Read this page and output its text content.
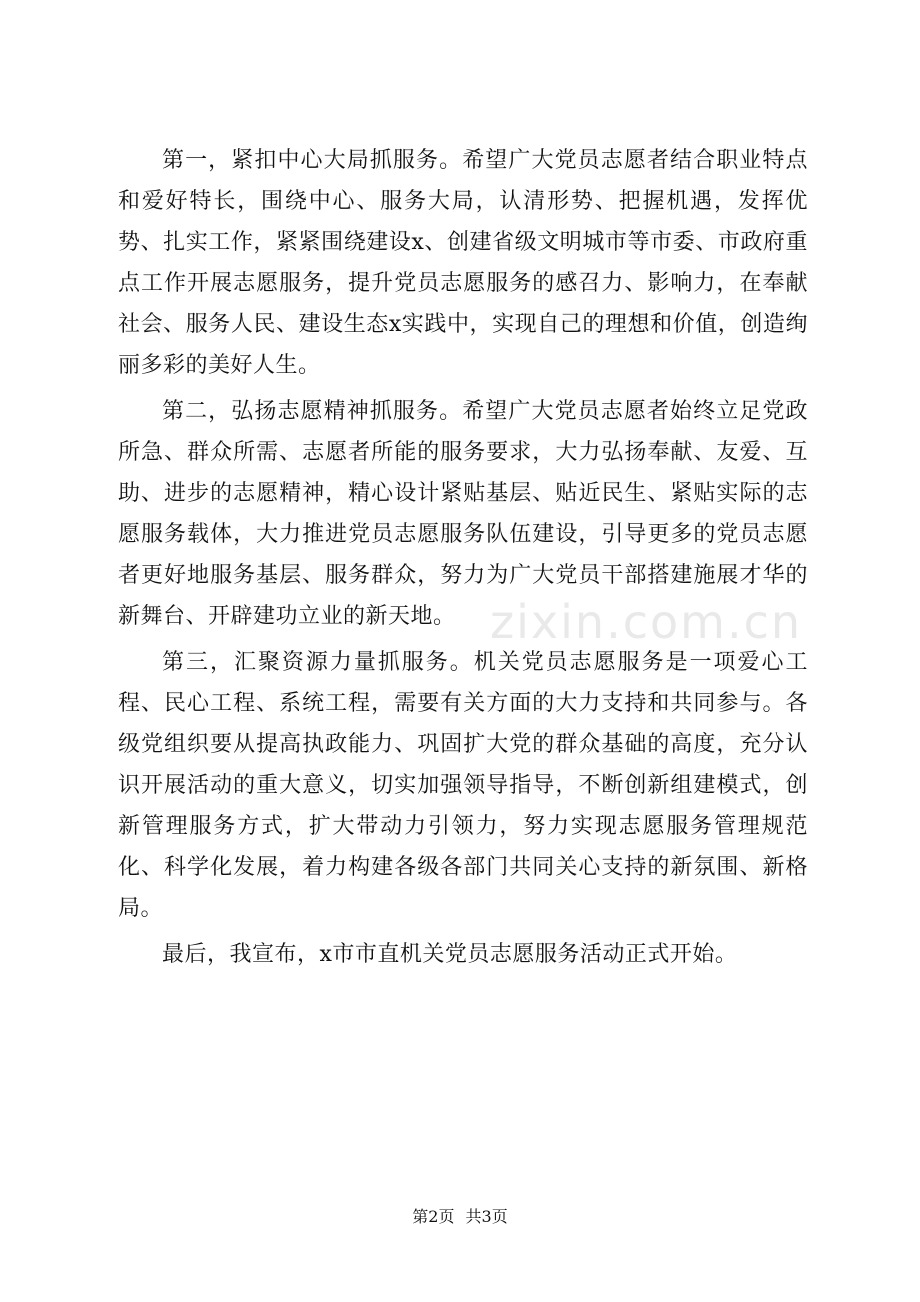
第一，紧扣中心大局抓服务。希望广大党员志愿者结合职业特点和爱好特长，围绕中心、服务大局，认清形势、把握机遇，发挥优势、扎实工作，紧紧围绕建设x、创建省级文明城市等市委、市政府重点工作开展志愿服务，提升党员志愿服务的感召力、影响力，在奉献社会、服务人民、建设生态x实践中，实现自己的理想和价值，创造绚丽多彩的美好人生。

第二，弘扬志愿精神抓服务。希望广大党员志愿者始终立足党政所急、群众所需、志愿者所能的服务要求，大力弘扬奉献、友爱、互助、进步的志愿精神，精心设计紧贴基层、贴近民生、紧贴实际的志愿服务载体，大力推进党员志愿服务队伍建设，引导更多的党员志愿者更好地服务基层、服务群众，努力为广大党员干部搭建施展才华的新舞台、开辟建功立业的新天地。

第三，汇聚资源力量抓服务。机关党员志愿服务是一项爱心工程、民心工程、系统工程，需要有关方面的大力支持和共同参与。各级党组织要从提高执政能力、巩固扩大党的群众基础的高度，充分认识开展活动的重大意义，切实加强领导指导，不断创新组建模式，创新管理服务方式，扩大带动力引领力，努力实现志愿服务管理规范化、科学化发展，着力构建各级各部门共同关心支持的新氛围、新格局。

最后，我宣布，x市市直机关党员志愿服务活动正式开始。

zixin.com.cn
第2页 共3页
